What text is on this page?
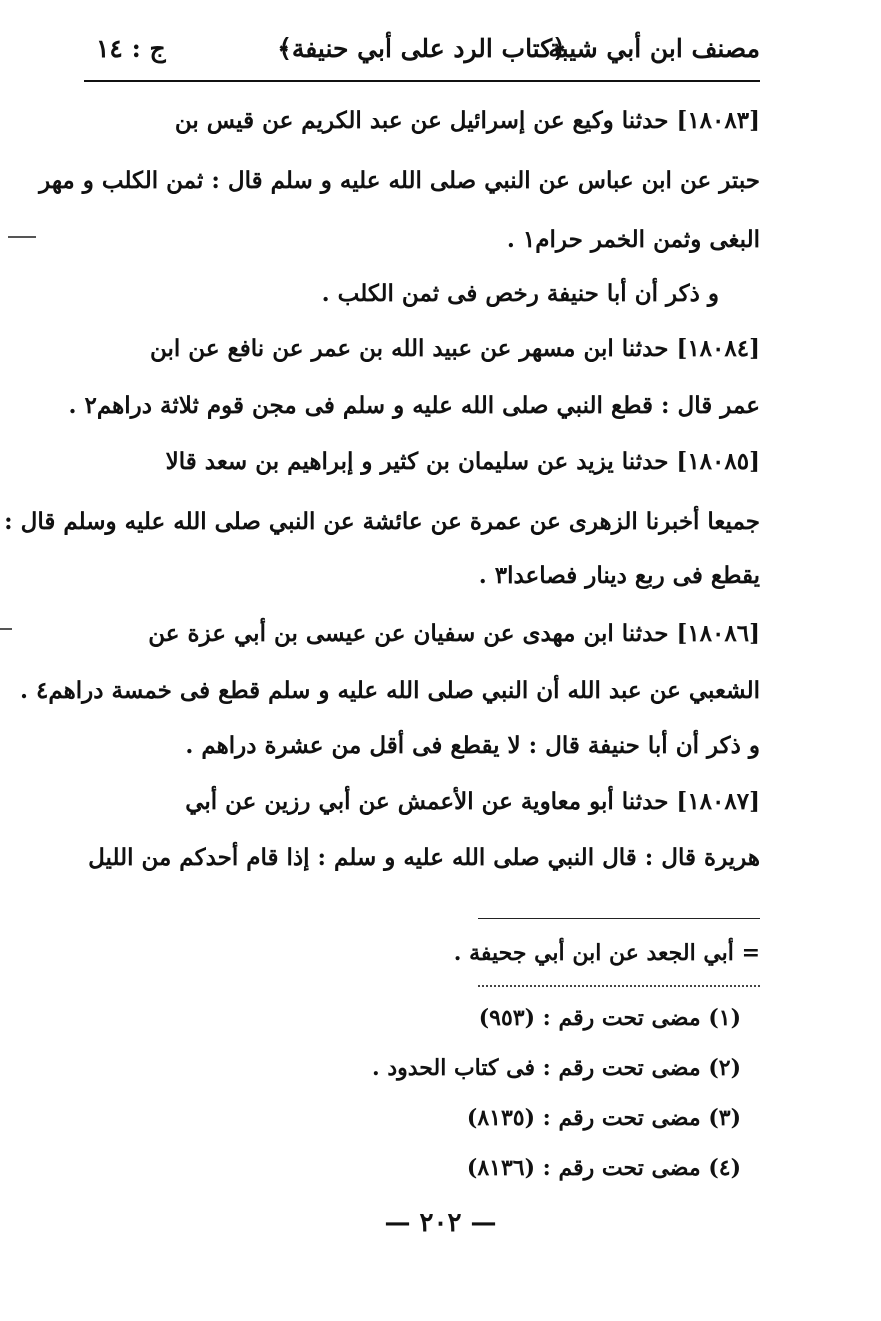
مصنف ابن أبي شيبة
﴿كتاب الرد على أبي حنيفة﴾
ج : ١٤
[١٨٠٨٣] حدثنا وكيع عن إسرائيل عن عبد الكريم عن قيس بن
حبتر عن ابن عباس عن النبي صلى الله عليه و سلم قال : ثمن الكلب و مهر
البغى وثمن الخمر حرام١ .
و ذكر أن أبا حنيفة رخص فى ثمن الكلب .
[١٨٠٨٤] حدثنا ابن مسهر عن عبيد الله بن عمر عن نافع عن ابن
عمر قال : قطع النبي صلى الله عليه و سلم فى مجن قوم ثلاثة دراهم٢ .
[١٨٠٨٥] حدثنا يزيد عن سليمان بن كثير و إبراهيم بن سعد قالا
جميعا أخبرنا الزهرى عن عمرة عن عائشة عن النبي صلى الله عليه وسلم قال :
يقطع فى ربع دينار فصاعدا٣ .
[١٨٠٨٦] حدثنا ابن مهدى عن سفيان عن عيسى بن أبي عزة عن
الشعبي عن عبد الله أن النبي صلى الله عليه و سلم قطع فى خمسة دراهم٤ .
و ذكر أن أبا حنيفة قال : لا يقطع فى أقل من عشرة دراهم .
[١٨٠٨٧] حدثنا أبو معاوية عن الأعمش عن أبي رزين عن أبي
هريرة قال : قال النبي صلى الله عليه و سلم : إذا قام أحدكم من الليل
= أبي الجعد عن ابن أبي جحيفة .
(١) مضى تحت رقم : (٩٥٣)
(٢) مضى تحت رقم : فى كتاب الحدود .
(٣) مضى تحت رقم : (٨١٣٥)
(٤) مضى تحت رقم : (٨١٣٦)
— ٢٠٢ —
